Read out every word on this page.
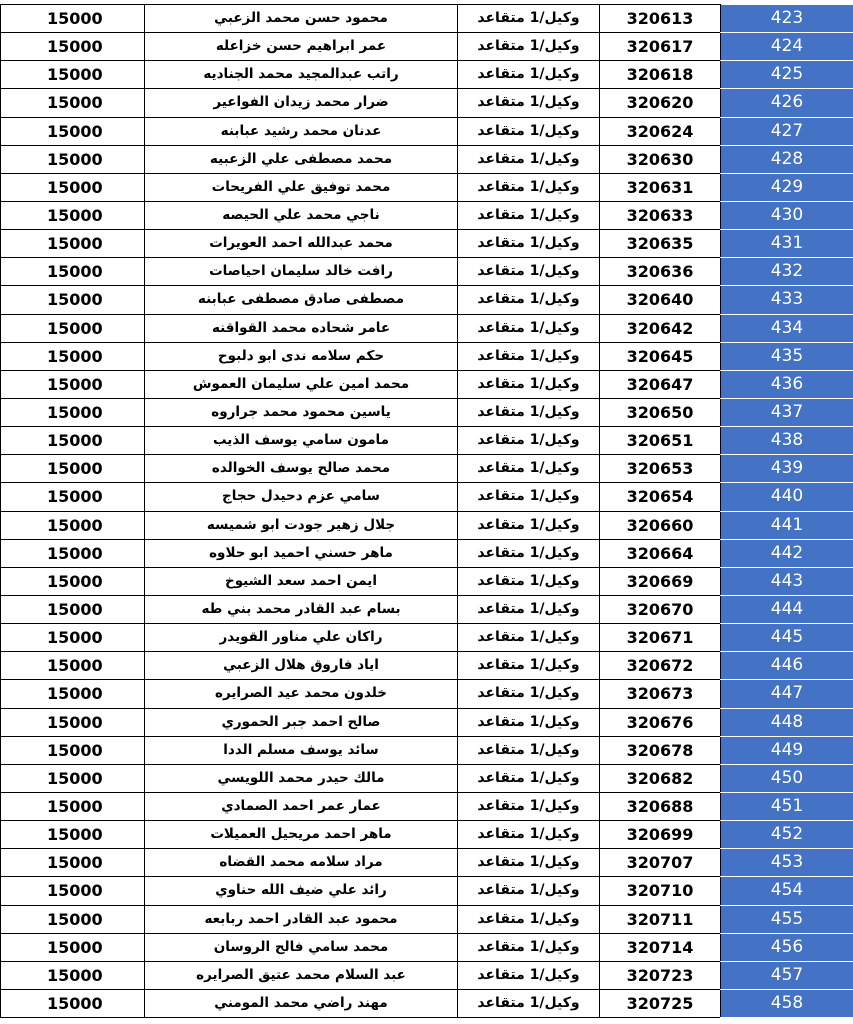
423	320613	وكيل/1 متقاعد	محمود حسن محمد الزعبي	15000
424	320617	وكيل/1 متقاعد	عمر ابراهيم حسن خزاعله	15000
425	320618	وكيل/1 متقاعد	راتب عبدالمجيد محمد الجناديه	15000
426	320620	وكيل/1 متقاعد	ضرار محمد زيدان الفواعير	15000
427	320624	وكيل/1 متقاعد	عدنان محمد رشيد عبابنه	15000
428	320630	وكيل/1 متقاعد	محمد مصطفى علي الزعبيه	15000
429	320631	وكيل/1 متقاعد	محمد توفيق علي الفريحات	15000
430	320633	وكيل/1 متقاعد	ناجي محمد علي الحيصه	15000
431	320635	وكيل/1 متقاعد	محمد عبدالله احمد العويرات	15000
432	320636	وكيل/1 متقاعد	رافت خالد سليمان احياصات	15000
433	320640	وكيل/1 متقاعد	مصطفى صادق مصطفى عبابنه	15000
434	320642	وكيل/1 متقاعد	عامر شحاده محمد القواقنه	15000
435	320645	وكيل/1 متقاعد	حكم سلامه ندى ابو دلبوح	15000
436	320647	وكيل/1 متقاعد	محمد امين علي سليمان العموش	15000
437	320650	وكيل/1 متقاعد	ياسين محمود محمد جراروه	15000
438	320651	وكيل/1 متقاعد	مامون سامي يوسف الذيب	15000
439	320653	وكيل/1 متقاعد	محمد صالح يوسف الخوالده	15000
440	320654	وكيل/1 متقاعد	سامي عزم دحيدل حجاج	15000
441	320660	وكيل/1 متقاعد	جلال زهير جودت ابو شميسه	15000
442	320664	وكيل/1 متقاعد	ماهر حسني احميد ابو حلاوه	15000
443	320669	وكيل/1 متقاعد	ايمن احمد سعد الشيوخ	15000
444	320670	وكيل/1 متقاعد	بسام عبد القادر محمد بني طه	15000
445	320671	وكيل/1 متقاعد	راكان علي مناور القويدر	15000
446	320672	وكيل/1 متقاعد	اياد فاروق هلال الزعبي	15000
447	320673	وكيل/1 متقاعد	خلدون محمد عيد الصرايره	15000
448	320676	وكيل/1 متقاعد	صالح احمد جبر الحموري	15000
449	320678	وكيل/1 متقاعد	سائد يوسف مسلم الددا	15000
450	320682	وكيل/1 متقاعد	مالك حيدر محمد اللويسي	15000
451	320688	وكيل/1 متقاعد	عمار عمر احمد الصمادي	15000
452	320699	وكيل/1 متقاعد	ماهر احمد مريحيل العميلات	15000
453	320707	وكيل/1 متقاعد	مراد سلامه محمد القضاه	15000
454	320710	وكيل/1 متقاعد	رائد علي ضيف الله حناوي	15000
455	320711	وكيل/1 متقاعد	محمود عبد القادر احمد ربابعه	15000
456	320714	وكيل/1 متقاعد	محمد سامي فالح الروسان	15000
457	320723	وكيل/1 متقاعد	عبد السلام محمد عتيق الصرايره	15000
458	320725	وكيل/1 متقاعد	مهند راضي محمد المومني	15000
